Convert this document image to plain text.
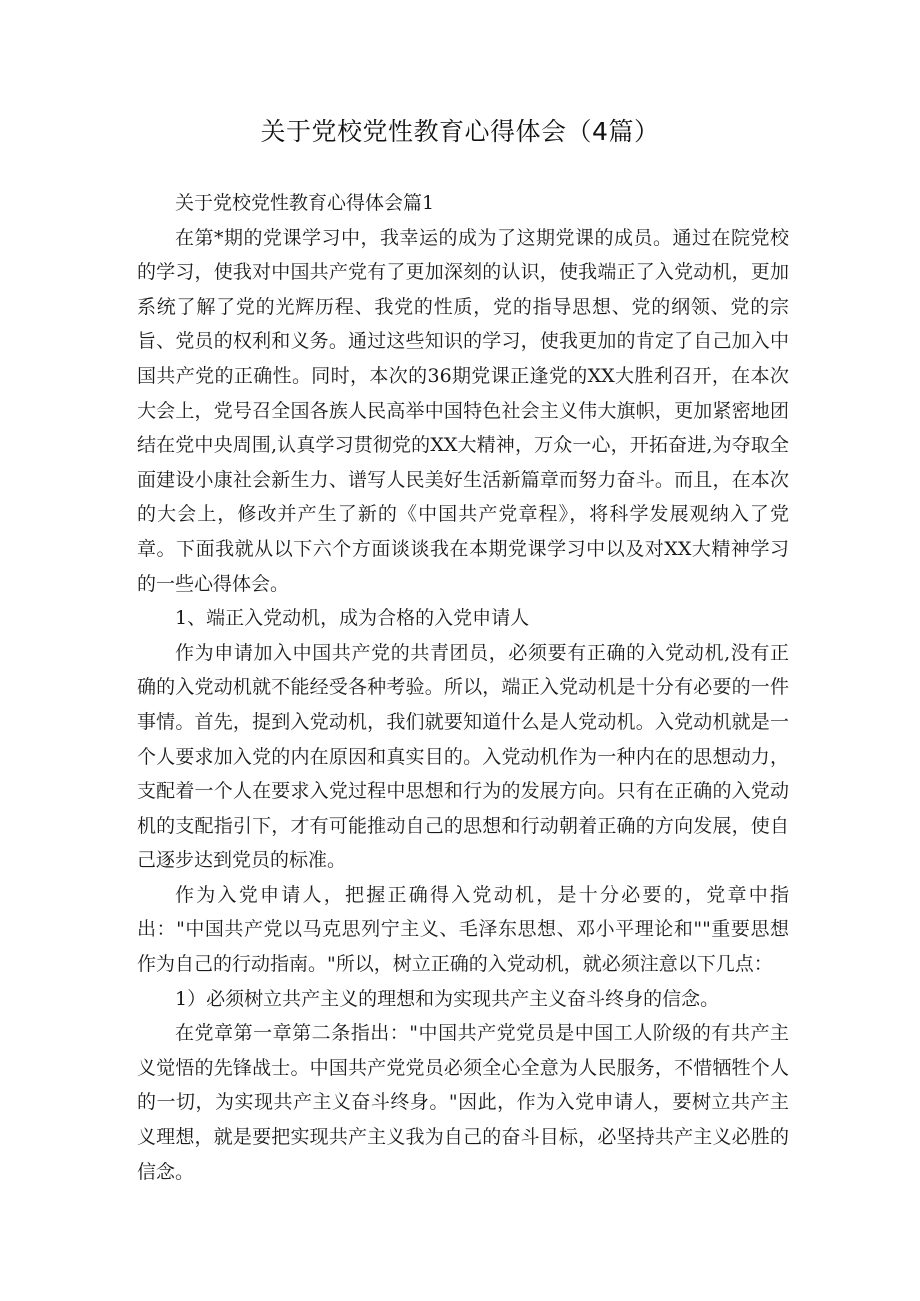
关于党校党性教育心得体会（4篇）

关于党校党性教育心得体会篇1

在第*期的党课学习中，我幸运的成为了这期党课的成员。通过在院党校的学习，使我对中国共产党有了更加深刻的认识，使我端正了入党动机，更加系统了解了党的光辉历程、我党的性质，党的指导思想、党的纲领、党的宗旨、党员的权利和义务。通过这些知识的学习，使我更加的肯定了自己加入中国共产党的正确性。同时，本次的36期党课正逢党的XX大胜利召开，在本次大会上，党号召全国各族人民高举中国特色社会主义伟大旗帜，更加紧密地团结在党中央周围,认真学习贯彻党的XX大精神，万众一心，开拓奋进,为夺取全面建设小康社会新生力、谱写人民美好生活新篇章而努力奋斗。而且，在本次的大会上，修改并产生了新的《中国共产党章程》，将科学发展观纳入了党章。下面我就从以下六个方面谈谈我在本期党课学习中以及对XX大精神学习的一些心得体会。

1、端正入党动机，成为合格的入党申请人

作为申请加入中国共产党的共青团员，必须要有正确的入党动机,没有正确的入党动机就不能经受各种考验。所以，端正入党动机是十分有必要的一件事情。首先，提到入党动机，我们就要知道什么是人党动机。入党动机就是一个人要求加入党的内在原因和真实目的。入党动机作为一种内在的思想动力，支配着一个人在要求入党过程中思想和行为的发展方向。只有在正确的入党动机的支配指引下，才有可能推动自己的思想和行动朝着正确的方向发展，使自己逐步达到党员的标准。

作为入党申请人，把握正确得入党动机，是十分必要的，党章中指出："中国共产党以马克思列宁主义、毛泽东思想、邓小平理论和""重要思想作为自己的行动指南。"所以，树立正确的入党动机，就必须注意以下几点：

1）必须树立共产主义的理想和为实现共产主义奋斗终身的信念。

在党章第一章第二条指出："中国共产党党员是中国工人阶级的有共产主义觉悟的先锋战士。中国共产党党员必须全心全意为人民服务，不惜牺牲个人的一切，为实现共产主义奋斗终身。"因此，作为入党申请人，要树立共产主义理想，就是要把实现共产主义我为自己的奋斗目标，必坚持共产主义必胜的信念。
